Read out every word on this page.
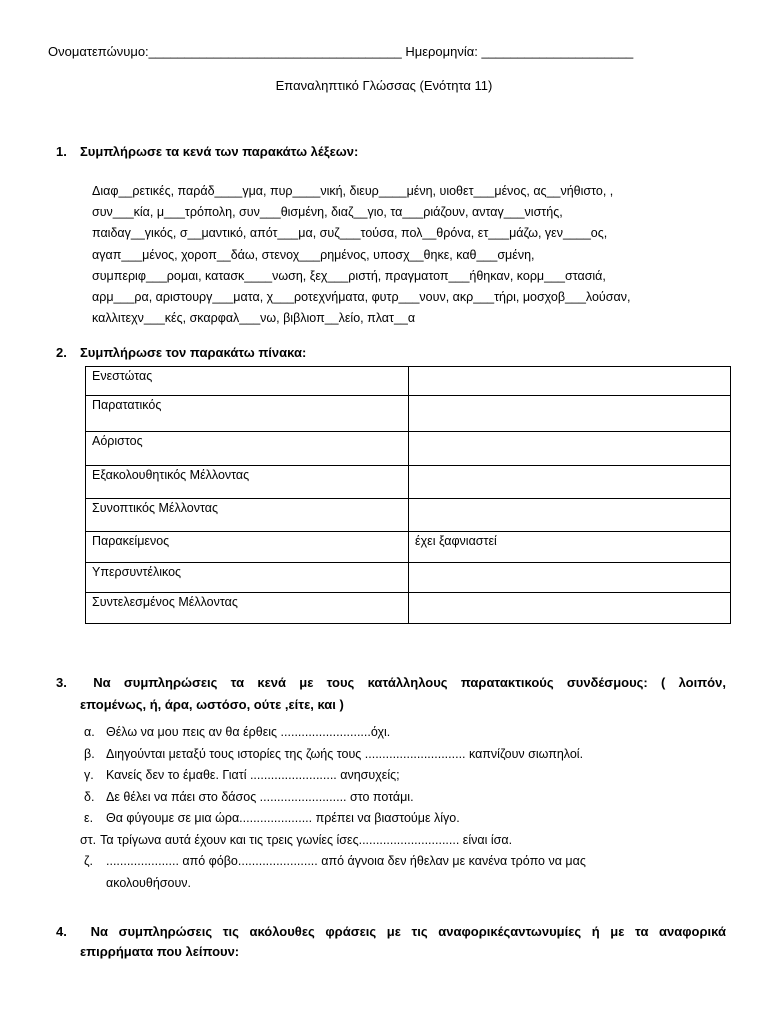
Ονοματεπώνυμο:___________________________________ Ημερομηνία: _____________________
Επαναληπτικό Γλώσσας (Ενότητα 11)
1. Συμπλήρωσε τα κενά των παρακάτω λέξεων:
Διαφ__ρετικές, παράδ____γμα, πυρ____νική, διευρ____μένη, υιοθετ___μένος, ας__νήθιστο, ,
συν___κία, μ___τρόπολη, συν___θισμένη, διαζ__γιο, τα___ριάζουν, ανταγ___νιστής,
παιδαγ__γικός, σ__μαντικό, απότ___μα, συζ___τούσα, πολ__θρόνα, ετ___μάζω, γεν____ος,
αγαπ___μένος, χοροπ__δάω, στενοχ___ρημένος, υποσχ__θηκε, καθ___σμένη,
συμπεριφ___ρομαι, κατασκ____νωση, ξεχ___ριστή, πραγματοπ___ήθηκαν, κορμ___στασιά,
αρμ___ρα, αριστουργ___ματα, χ___ροτεχνήματα, φυτρ___νουν, ακρ___τήρι, μοσχοβ___λούσαν,
καλλιτεχν___κές, σκαρφαλ___νω, βιβλιοπ__λείο, πλατ__α
2. Συμπλήρωσε τον παρακάτω πίνακα:
Ενεστώτας	
Παρατατικός	
Αόριστος	
Εξακολουθητικός Μέλλοντας	
Συνοπτικός Μέλλοντας	
Παρακείμενος	έχει ξαφνιαστεί
Υπερσυντέλικος	
Συντελεσμένος Μέλλοντας	
3.	Να συμπληρώσεις τα κενά με τους κατάλληλους παρατακτικούς συνδέσμους: ( λοιπόν,
επομένως, ή, άρα, ωστόσο, ούτε ,είτε, και )
α. Θέλω να μου πεις αν θα έρθεις ..........................όχι.
β. Διηγούνται μεταξύ τους ιστορίες της ζωής τους ............................. καπνίζουν σιωπηλοί.
γ. Κανείς δεν το έμαθε. Γιατί ......................... ανησυχείς;
δ. Δε θέλει να πάει στο δάσος ......................... στο ποτάμι.
ε. Θα φύγουμε σε μια ώρα..................... πρέπει να βιαστούμε λίγο.
στ. Τα τρίγωνα αυτά έχουν και τις τρεις γωνίες ίσες............................. είναι ίσα.
ζ. ..................... από φόβο....................... από άγνοια δεν ήθελαν με κανένα τρόπο να μας
ακολουθήσουν.
4.	Να συμπληρώσεις τις ακόλουθες φράσεις με τις αναφορικέςαντωνυμίες ή με τα αναφορικά
επιρρήματα που λείπουν:
